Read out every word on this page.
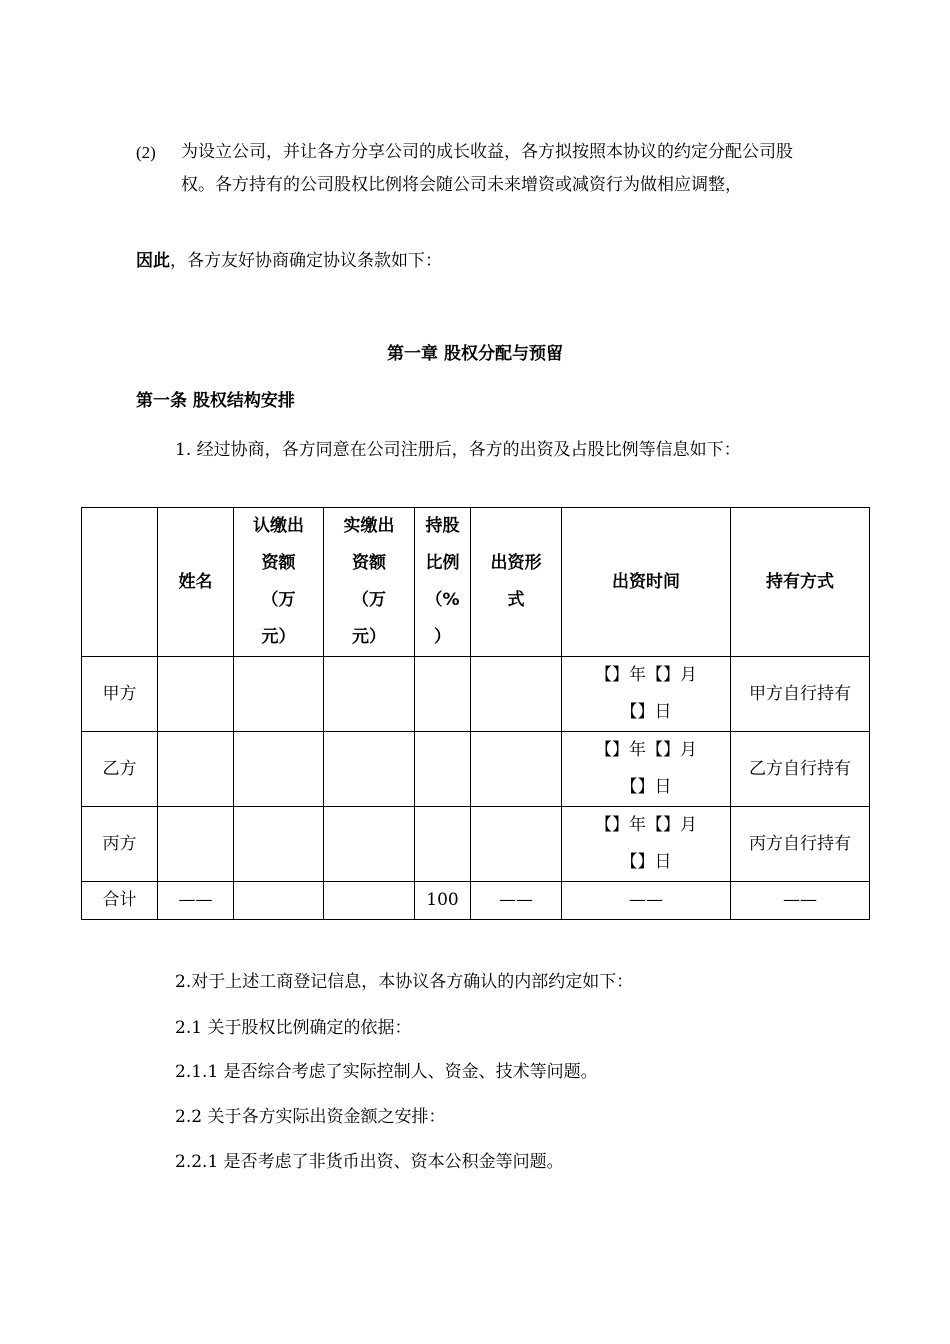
(2) 为设立公司，并让各方分享公司的成长收益，各方拟按照本协议的约定分配公司股权。各方持有的公司股权比例将会随公司未来增资或减资行为做相应调整，
因此，各方友好协商确定协议条款如下：
第一章 股权分配与预留
第一条 股权结构安排
1. 经过协商，各方同意在公司注册后，各方的出资及占股比例等信息如下：
	姓名	认缴出
资额
（万
元）	实缴出
资额
（万
元）	持股
比例
（%
）	出资形
式	出资时间	持有方式
甲方						【】年【】月
【】日	甲方自行持有
乙方						【】年【】月
【】日	乙方自行持有
丙方						【】年【】月
【】日	丙方自行持有
合计	——			100	——	——	——
2.对于上述工商登记信息，本协议各方确认的内部约定如下：
2.1 关于股权比例确定的依据：
2.1.1 是否综合考虑了实际控制人、资金、技术等问题。
2.2 关于各方实际出资金额之安排：
2.2.1 是否考虑了非货币出资、资本公积金等问题。
